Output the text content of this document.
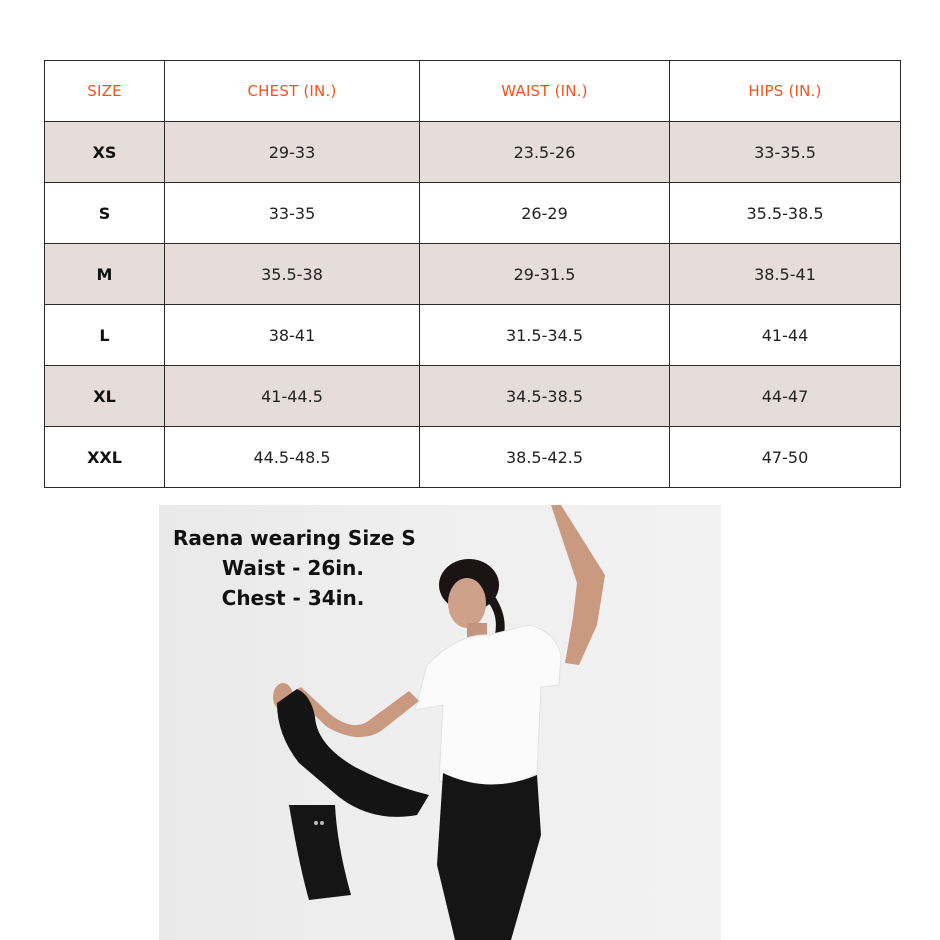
SIZE	CHEST (IN.)	WAIST (IN.)	HIPS (IN.)
XS	29-33	23.5-26	33-35.5
S	33-35	26-29	35.5-38.5
M	35.5-38	29-31.5	38.5-41
L	38-41	31.5-34.5	41-44
XL	41-44.5	34.5-38.5	44-47
XXL	44.5-48.5	38.5-42.5	47-50
Raena wearing Size S
Waist - 26in.
Chest - 34in.
